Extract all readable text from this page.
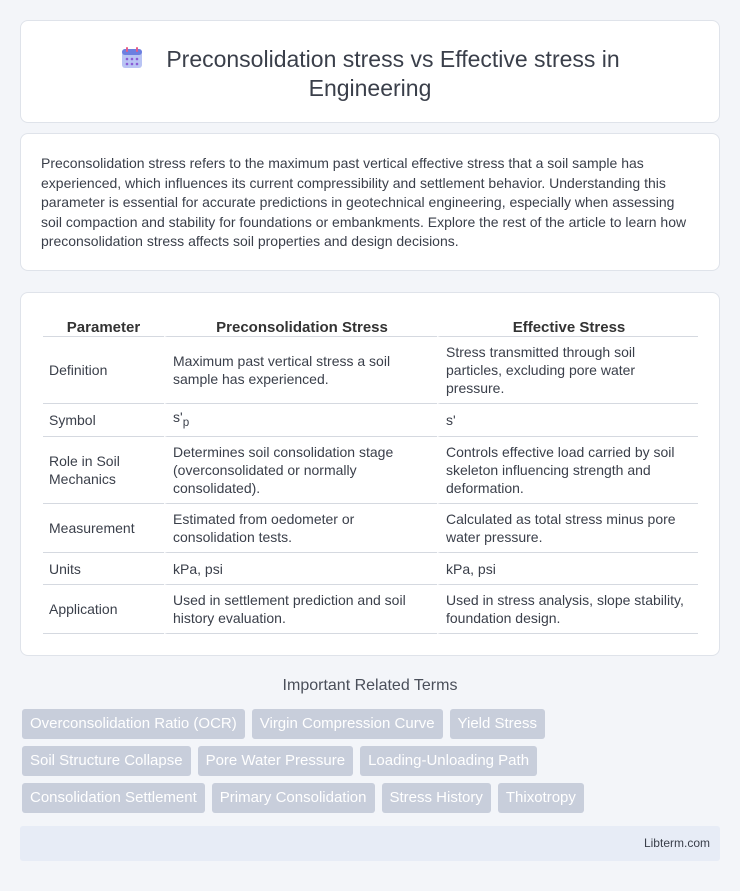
Preconsolidation stress vs Effective stress in
Engineering

Preconsolidation stress refers to the maximum past vertical effective stress that a soil sample has experienced, which influences its current compressibility and settlement behavior. Understanding this parameter is essential for accurate predictions in geotechnical engineering, especially when assessing soil compaction and stability for foundations or embankments. Explore the rest of the article to learn how preconsolidation stress affects soil properties and design decisions.

Parameter	Preconsolidation Stress	Effective Stress
Definition	Maximum past vertical stress a soil sample has experienced.	Stress transmitted through soil particles, excluding pore water pressure.
Symbol	$s'_p$	s'
Role in Soil Mechanics	Determines soil consolidation stage (overconsolidated or normally consolidated).	Controls effective load carried by soil skeleton influencing strength and deformation.
Measurement	Estimated from oedometer or consolidation tests.	Calculated as total stress minus pore water pressure.
Units	kPa, psi	kPa, psi
Application	Used in settlement prediction and soil history evaluation.	Used in stress analysis, slope stability, foundation design.
Important Related Terms
Overconsolidation Ratio (OCR)	Virgin Compression Curve	Yield Stress
Soil Structure Collapse	Pore Water Pressure	Loading-Unloading Path
Consolidation Settlement	Primary Consolidation	Stress History	Thixotropy
Libterm.com
